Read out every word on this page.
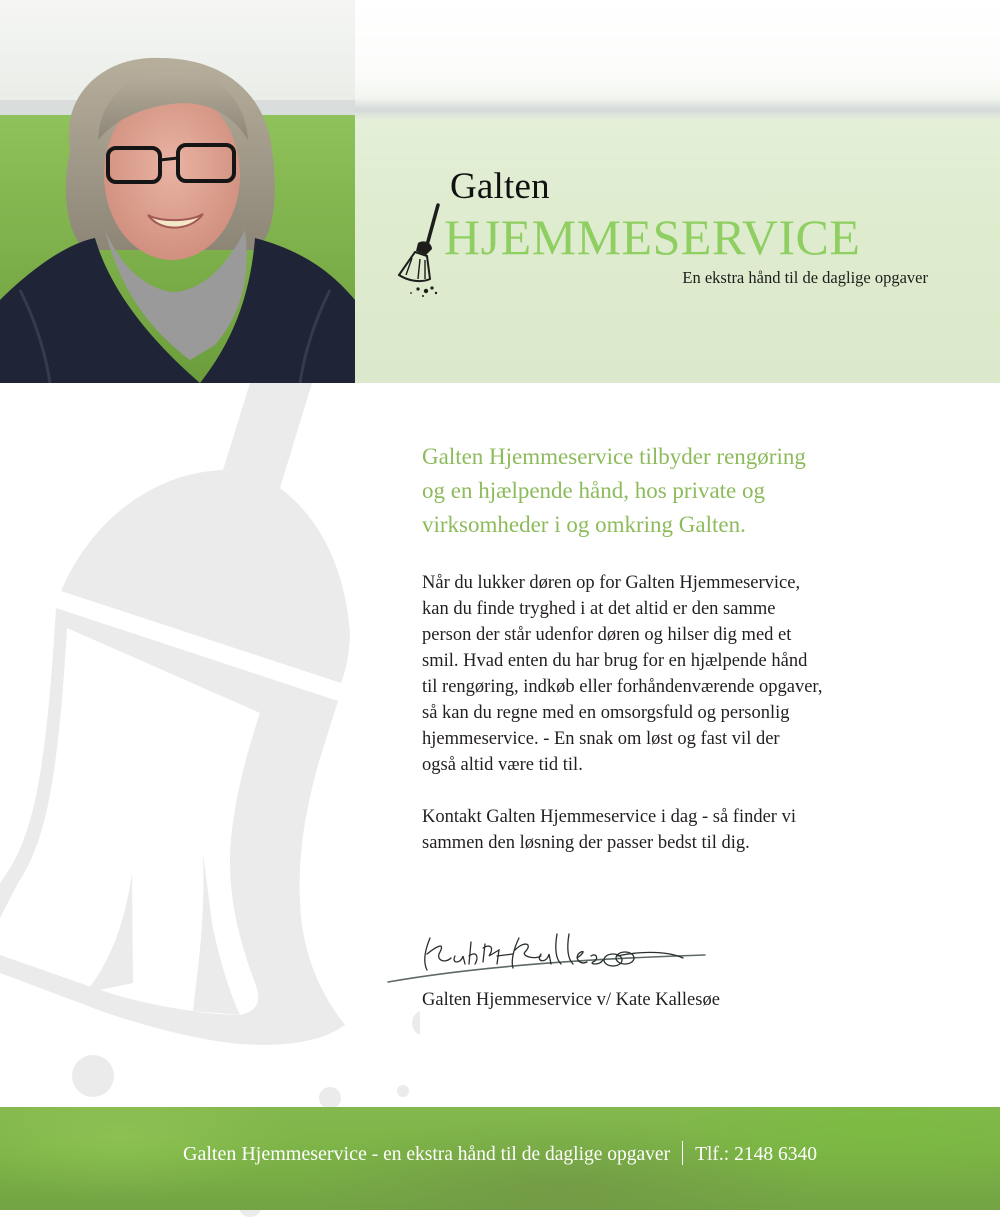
Galten
HJEMMESERVICE
En ekstra hånd til de daglige opgaver
Galten Hjemmeservice tilbyder rengøring
og en hjælpende hånd, hos private og
virksomheder i og omkring Galten.

Når du lukker døren op for Galten Hjemmeservice,
kan du finde tryghed i at det altid er den samme
person der står udenfor døren og hilser dig med et
smil. Hvad enten du har brug for en hjælpende hånd
til rengøring, indkøb eller forhåndenværende opgaver,
så kan du regne med en omsorgsfuld og personlig
hjemmeservice. - En snak om løst og fast vil der
også altid være tid til.

Kontakt Galten Hjemmeservice i dag - så finder vi
sammen den løsning der passer bedst til dig.

Galten Hjemmeservice v/ Kate Kallesøe
Galten Hjemmeservice - en ekstra hånd til de daglige opgaver Tlf.: 2148 6340
